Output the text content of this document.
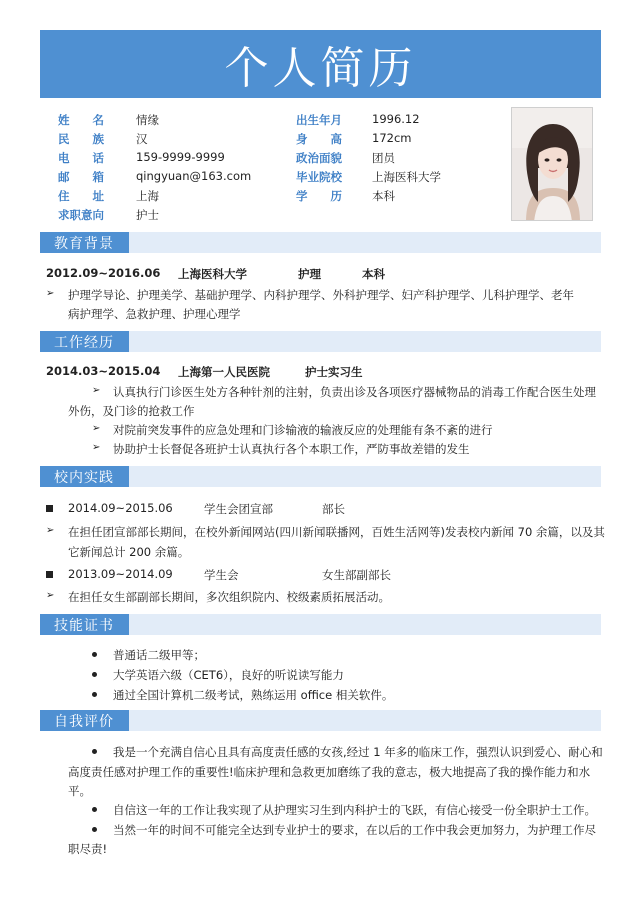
个人简历
姓名	情缘	出生年月	1996.12
民族	汉	身高	172cm
电话	159-9999-9999	政治面貌	团员
邮箱	qingyuan@163.com	毕业院校	上海医科大学
住址	上海	学历	本科
求职意向	护士
教育背景
2012.09~2016.06 上海医科大学	护理	本科
➢ 护理学导论、护理美学、基础护理学、内科护理学、外科护理学、妇产科护理学、儿科护理学、老年
病护理学、急救护理、护理心理学
工作经历
2014.03~2015.04 上海第一人民医院	护士实习生
➢ 认真执行门诊医生处方各种针剂的注射，负责出诊及各项医疗器械物品的消毒工作配合医生处理
外伤，及门诊的抢救工作
➢ 对院前突发事件的应急处理和门诊输液的输液反应的处理能有条不紊的进行
➢ 协助护士长督促各班护士认真执行各个本职工作，严防事故差错的发生
校内实践
2014.09~2015.06	学生会团宣部	部长
➢ 在担任团宣部部长期间，在校外新闻网站(四川新闻联播网，百姓生活网等)发表校内新闻 70 余篇，以及其
它新闻总计 200 余篇。
2013.09~2014.09	学生会	女生部副部长
➢ 在担任女生部副部长期间，多次组织院内、校级素质拓展活动。
技能证书
普通话二级甲等；
大学英语六级（CET6），良好的听说读写能力
通过全国计算机二级考试，熟练运用 office 相关软件。
自我评价
我是一个充满自信心且具有高度责任感的女孩,经过 1 年多的临床工作，强烈认识到爱心、耐心和
高度责任感对护理工作的重要性!临床护理和急救更加磨练了我的意志，极大地提高了我的操作能力和水
平。
自信这一年的工作让我实现了从护理实习生到内科护士的飞跃，有信心接受一份全职护士工作。
当然一年的时间不可能完全达到专业护士的要求，在以后的工作中我会更加努力，为护理工作尽
职尽责!
